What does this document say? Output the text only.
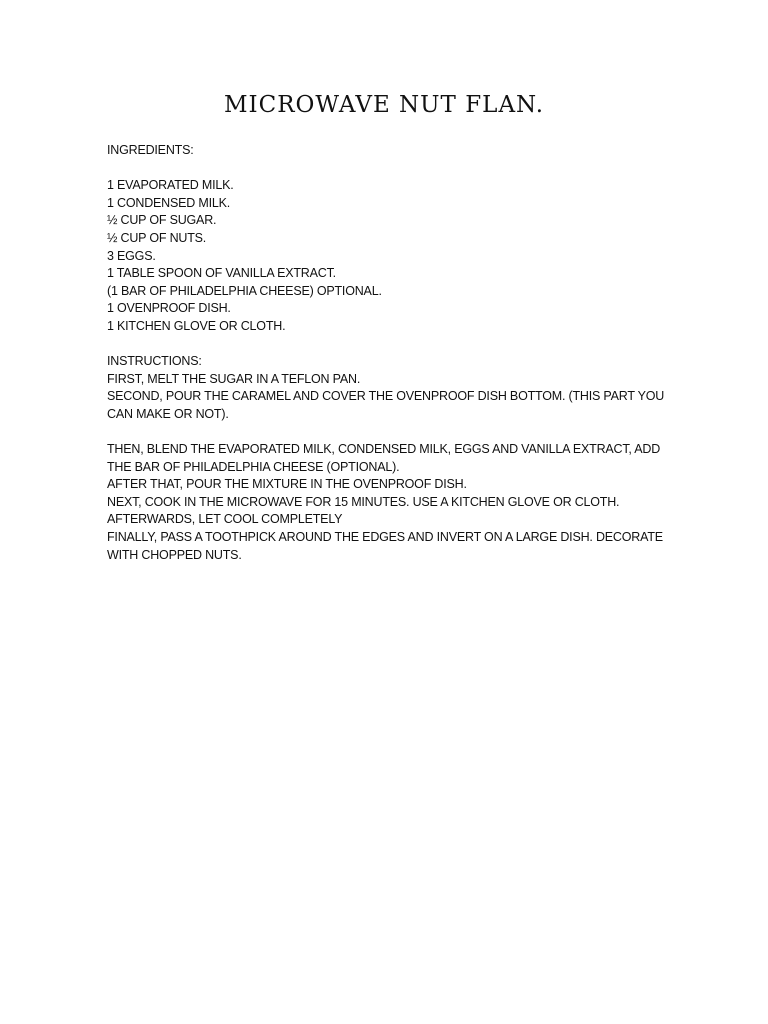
MICROWAVE NUT FLAN.
INGREDIENTS:
1 EVAPORATED MILK.
1 CONDENSED MILK.
½ CUP OF SUGAR.
½ CUP OF NUTS.
3 EGGS.
1 TABLE SPOON OF VANILLA EXTRACT.
(1 BAR OF PHILADELPHIA CHEESE) OPTIONAL.
1 OVENPROOF DISH.
1 KITCHEN GLOVE OR CLOTH.
INSTRUCTIONS:
FIRST, MELT THE SUGAR IN A TEFLON PAN.
SECOND, POUR THE CARAMEL AND COVER THE OVENPROOF DISH BOTTOM. (THIS PART YOU CAN MAKE OR NOT).
THEN, BLEND THE EVAPORATED MILK, CONDENSED MILK, EGGS AND VANILLA EXTRACT, ADD THE BAR OF PHILADELPHIA CHEESE (OPTIONAL).
AFTER THAT, POUR THE MIXTURE IN THE OVENPROOF DISH.
NEXT, COOK IN THE MICROWAVE FOR 15 MINUTES. USE A KITCHEN GLOVE OR CLOTH.
AFTERWARDS, LET COOL COMPLETELY
FINALLY, PASS A TOOTHPICK AROUND THE EDGES AND INVERT ON A LARGE DISH. DECORATE WITH CHOPPED NUTS.
